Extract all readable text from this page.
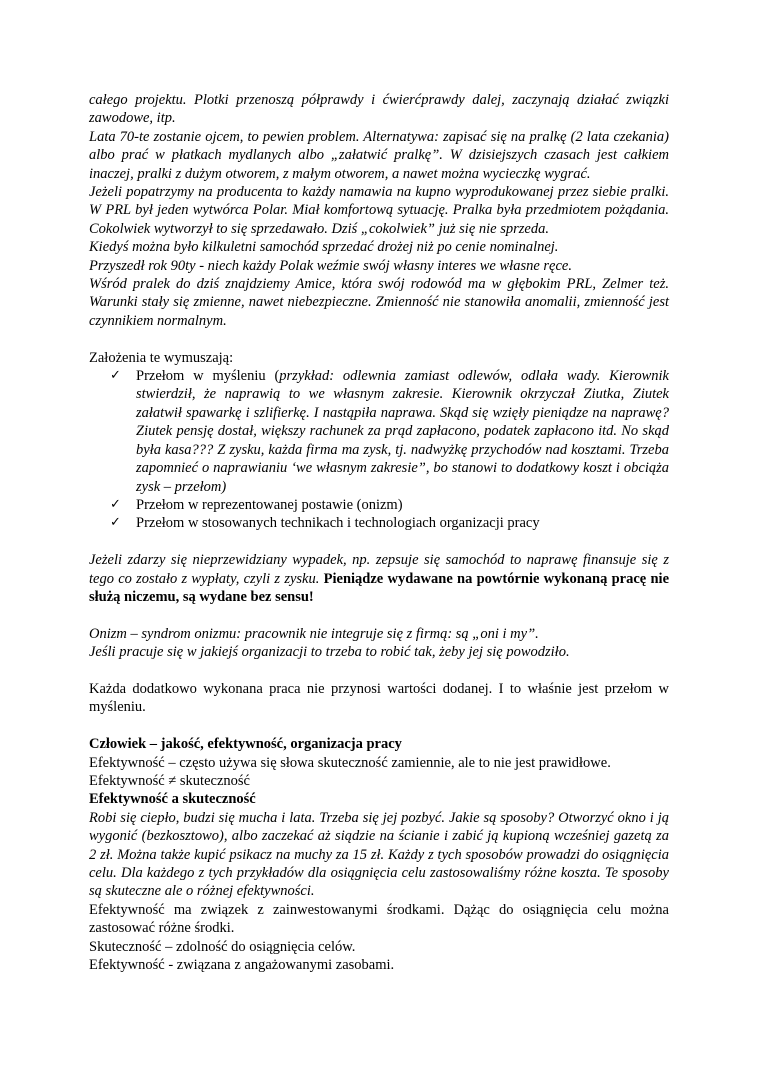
całego projektu. Plotki przenoszą półprawdy i ćwierćprawdy dalej, zaczynają działać związki zawodowe, itp.

Lata 70-te zostanie ojcem, to pewien problem. Alternatywa: zapisać się na pralkę (2 lata czekania) albo prać w płatkach mydlanych albo „załatwić pralkę”. W dzisiejszych czasach jest całkiem inaczej, pralki z dużym otworem, z małym otworem, a nawet można wycieczkę wygrać.

Jeżeli popatrzymy na producenta to każdy namawia na kupno wyprodukowanej przez siebie pralki. W PRL był jeden wytwórca Polar. Miał komfortową sytuację. Pralka była przedmiotem pożądania. Cokolwiek wytworzył to się sprzedawało. Dziś „cokolwiek” już się nie sprzeda.

Kiedyś można było kilkuletni samochód sprzedać drożej niż po cenie nominalnej.

Przyszedł rok 90ty - niech każdy Polak weźmie swój własny interes we własne ręce.

Wśród pralek do dziś znajdziemy Amice, która swój rodowód ma w głębokim PRL, Zelmer też. Warunki stały się zmienne, nawet niebezpieczne. Zmienność nie stanowiła anomalii, zmienność jest czynnikiem normalnym.

Założenia te wymuszają:

✓ Przełom w myśleniu (przykład: odlewnia zamiast odlewów, odlała wady. Kierownik stwierdził, że naprawią to we własnym zakresie. Kierownik okrzyczał Ziutka, Ziutek załatwił spawarkę i szlifierkę. I nastąpiła naprawa. Skąd się wzięły pieniądze na naprawę? Ziutek pensję dostał, większy rachunek za prąd zapłacono, podatek zapłacono itd. No skąd była kasa??? Z zysku, każda firma ma zysk, tj. nadwyżkę przychodów nad kosztami. Trzeba zapomnieć o naprawianiu ‘we własnym zakresie”, bo stanowi to dodatkowy koszt i obciąża zysk – przełom)
✓ Przełom w reprezentowanej postawie (onizm)
✓ Przełom w stosowanych technikach i technologiach organizacji pracy

Jeżeli zdarzy się nieprzewidziany wypadek, np. zepsuje się samochód to naprawę finansuje się z tego co zostało z wypłaty, czyli z zysku. Pieniądze wydawane na powtórnie wykonaną pracę nie służą niczemu, są wydane bez sensu!

Onizm – syndrom onizmu: pracownik nie integruje się z firmą: są „oni i my”.

Jeśli pracuje się w jakiejś organizacji to trzeba to robić tak, żeby jej się powodziło.

Każda dodatkowo wykonana praca nie przynosi wartości dodanej. I to właśnie jest przełom w myśleniu.

Człowiek – jakość, efektywność, organizacja pracy

Efektywność – często używa się słowa skuteczność zamiennie, ale to nie jest prawidłowe.

Efektywność ≠ skuteczność

Efektywność a skuteczność

Robi się ciepło, budzi się mucha i lata. Trzeba się jej pozbyć. Jakie są sposoby? Otworzyć okno i ją wygonić (bezkosztowo), albo zaczekać aż siądzie na ścianie i zabić ją kupioną wcześniej gazetą za 2 zł. Można także kupić psikacz na muchy za 15 zł. Każdy z tych sposobów prowadzi do osiągnięcia celu. Dla każdego z tych przykładów dla osiągnięcia celu zastosowaliśmy różne koszta. Te sposoby są skuteczne ale o różnej efektywności.

Efektywność ma związek z zainwestowanymi środkami. Dążąc do osiągnięcia celu można zastosować różne środki.

Skuteczność – zdolność do osiągnięcia celów.

Efektywność - związana z angażowanymi zasobami.
